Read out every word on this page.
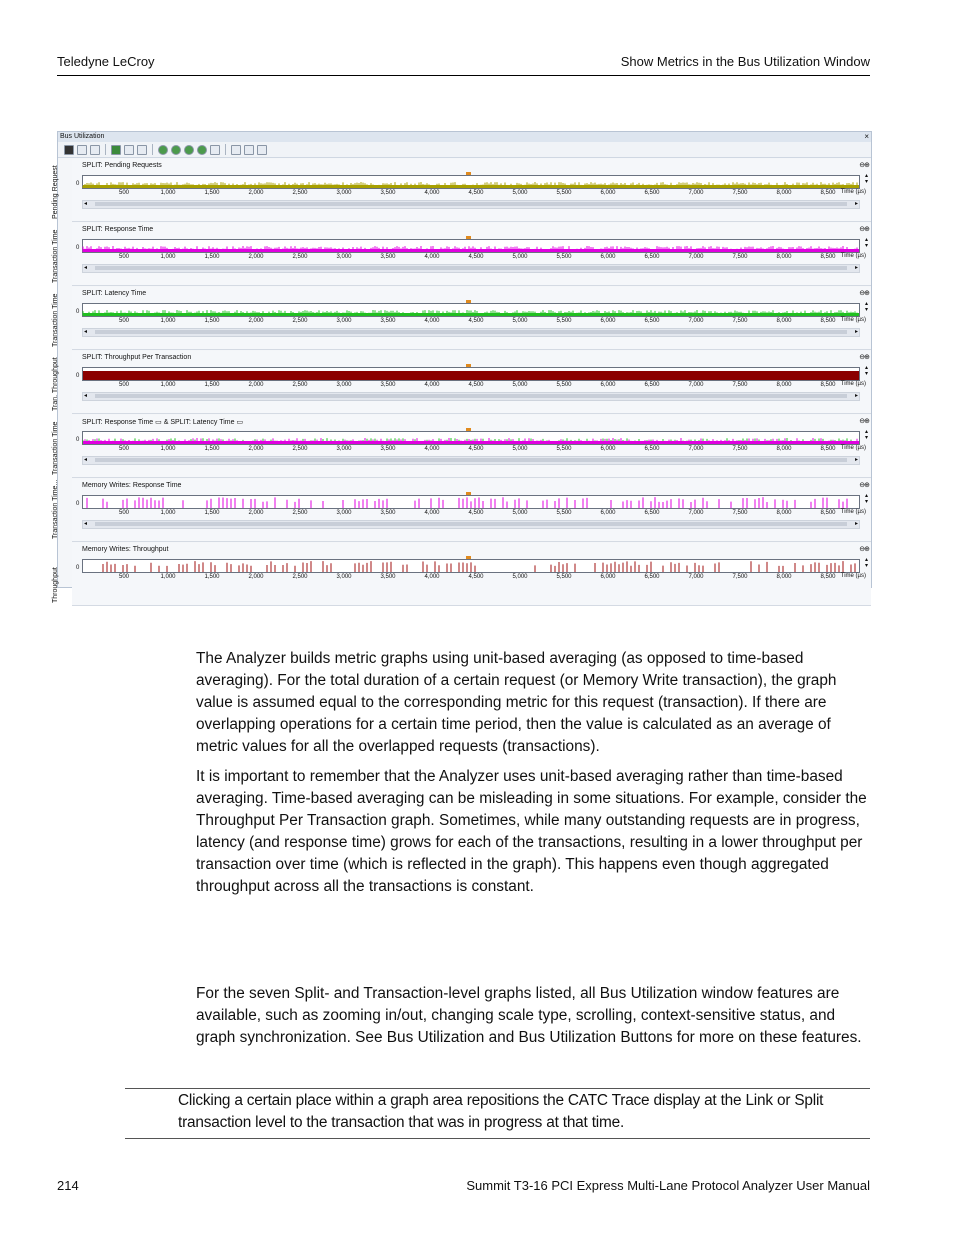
Teledyne LeCroy	Show Metrics in the Bus Utilization Window
Bus Utilization	×
Pending Request	SPLIT: Pending Requests	⊖⊕
0
▴
▾
500	1,000	1,500	2,000	2,500	3,000	3,500	4,000	4,500	5,000	5,500	6,000	6,500	7,000	7,500	8,000	8,500 Time (µs)
◂	▸
Transaction Time
SPLIT: Response Time	⊖⊕
0
▴
▾
500	1,000	1,500	2,000	2,500	3,000	3,500	4,000	4,500	5,000	5,500	6,000	6,500	7,000	7,500	8,000	8,500 Time (µs)
◂	▸
Transaction Time
SPLIT: Latency Time	⊖⊕
0
▴
▾
500	1,000	1,500	2,000	2,500	3,000	3,500	4,000	4,500	5,000	5,500	6,000	6,500	7,000	7,500	8,000	8,500 Time (µs)
◂	▸
Tran. Throughput	SPLIT: Throughput Per Transaction	⊖⊕
0
▴
▾
500	1,000	1,500	2,000	2,500	3,000	3,500	4,000	4,500	5,000	5,500	6,000	6,500	7,000	7,500	8,000	8,500 Time (µs)
◂	▸
Transaction Time	SPLIT: Response Time ▭ & SPLIT: Latency Time ▭	⊖⊕
0
▴
▾
500	1,000	1,500	2,000	2,500	3,000	3,500	4,000	4,500	5,000	5,500	6,000	6,500	7,000	7,500	8,000	8,500 Time (µs)
◂	▸
Transaction Time...	Memory Writes: Response Time	⊖⊕
0
▴
▾
500	1,000	1,500	2,000	2,500	3,000	3,500	4,000	4,500	5,000	5,500	6,000	6,500	7,000	7,500	8,000	8,500 Time (µs)
◂	▸
Throughput
Memory Writes: Throughput	⊖⊕
0
▴
▾
500	1,000	1,500	2,000	2,500	3,000	3,500	4,000	4,500	5,000	5,500	6,000	6,500	7,000	7,500	8,000	8,500 Time (µs)

The Analyzer builds metric graphs using unit-based averaging (as opposed to time-based averaging). For the total duration of a certain request (or Memory Write transaction), the graph value is assumed equal to the corresponding metric for this request (transaction). If there are overlapping operations for a certain time period, then the value is calculated as an average of metric values for all the overlapped requests (transactions).

It is important to remember that the Analyzer uses unit-based averaging rather than time-based averaging. Time-based averaging can be misleading in some situations. For example, consider the Throughput Per Transaction graph. Sometimes, while many outstanding requests are in progress, latency (and response time) grows for each of the transactions, resulting in a lower throughput per transaction over time (which is reflected in the graph). This happens even though aggregated throughput across all the transactions is constant.

For the seven Split- and Transaction-level graphs listed, all Bus Utilization window features are available, such as zooming in/out, changing scale type, scrolling, context-sensitive status, and graph synchronization. See Bus Utilization and Bus Utilization Buttons for more on these features.

Clicking a certain place within a graph area repositions the CATC Trace display at the Link or Split transaction level to the transaction that was in progress at that time.

214	Summit T3-16 PCI Express Multi-Lane Protocol Analyzer User Manual
